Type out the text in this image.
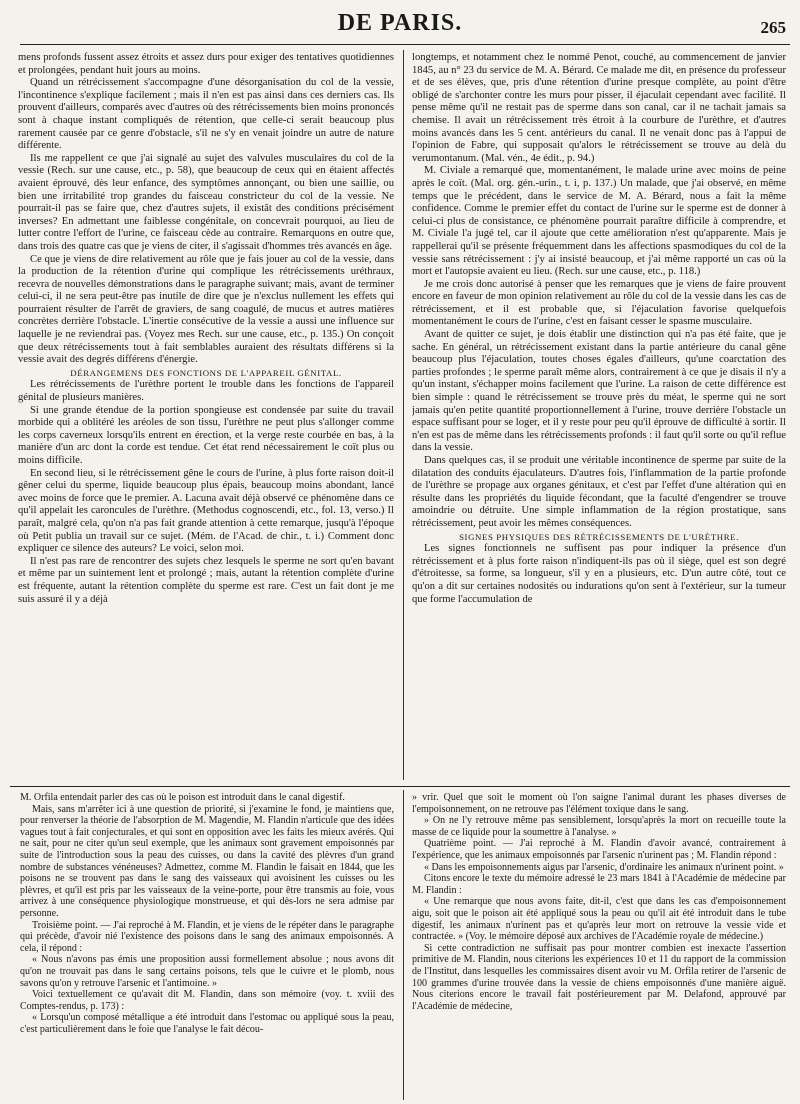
DE PARIS.	265

mens profonds fussent assez étroits et assez durs pour exiger des tentatives quotidiennes et prolongées, pendant huit jours au moins.

Quand un rétrécissement s'accompagne d'une désorganisation du col de la vessie, l'incontinence s'explique facilement ; mais il n'en est pas ainsi dans ces derniers cas. Ils prouvent d'ailleurs, comparés avec d'autres où des rétrécissements bien moins prononcés sont à chaque instant compliqués de rétention, que celle-ci serait beaucoup plus rarement causée par ce genre d'obstacle, s'il ne s'y en venait joindre un autre de nature différente.

Ils me rappellent ce que j'ai signalé au sujet des valvules musculaires du col de la vessie (Rech. sur une cause, etc., p. 58), que beaucoup de ceux qui en étaient affectés avaient éprouvé, dès leur enfance, des symptômes annonçant, ou bien une saillie, ou bien une irritabilité trop grandes du faisceau constricteur du col de la vessie. Ne pourrait-il pas se faire que, chez d'autres sujets, il existât des conditions précisément inverses? En admettant une faiblesse congénitale, on concevrait pourquoi, au lieu de lutter contre l'effort de l'urine, ce faisceau cède au contraire. Remarquons en outre que, dans trois des quatre cas que je viens de citer, il s'agissait d'hommes très avancés en âge.

Ce que je viens de dire relativement au rôle que je fais jouer au col de la vessie, dans la production de la rétention d'urine qui complique les rétrécissements uréthraux, recevra de nouvelles démonstrations dans le paragraphe suivant; mais, avant de terminer celui-ci, il ne sera peut-être pas inutile de dire que je n'exclus nullement les effets qui pourraient résulter de l'arrêt de graviers, de sang coagulé, de mucus et autres matières concrètes derrière l'obstacle. L'inertie consécutive de la vessie a aussi une influence sur laquelle je ne reviendrai pas. (Voyez mes Rech. sur une cause, etc., p. 135.) On conçoit que deux rétrécissements tout à fait semblables auraient des résultats différens si la vessie avait des degrés différens d'énergie.

DÉRANGEMENS DES FONCTIONS DE L'APPAREIL GÉNITAL.

Les rétrécissements de l'urèthre portent le trouble dans les fonctions de l'appareil génital de plusieurs manières.

Si une grande étendue de la portion spongieuse est condensée par suite du travail morbide qui a oblitéré les aréoles de son tissu, l'urèthre ne peut plus s'allonger comme les corps caverneux lorsqu'ils entrent en érection, et la verge reste courbée en bas, à la manière d'un arc dont la corde est tendue. Cet état rend nécessairement le coït plus ou moins difficile.

En second lieu, si le rétrécissement gêne le cours de l'urine, à plus forte raison doit-il gêner celui du sperme, liquide beaucoup plus épais, beaucoup moins abondant, lancé avec moins de force que le premier. A. Lacuna avait déjà observé ce phénomène dans ce qu'il appelait les caroncules de l'urèthre. (Methodus cognoscendi, etc., fol. 13, verso.) Il paraît, malgré cela, qu'on n'a pas fait grande attention à cette remarque, jusqu'à l'époque où Petit publia un travail sur ce sujet. (Mém. de l'Acad. de chir., t. i.) Comment donc expliquer ce silence des auteurs? Le voici, selon moi.

Il n'est pas rare de rencontrer des sujets chez lesquels le sperme ne sort qu'en bavant et même par un suintement lent et prolongé ; mais, autant la rétention complète d'urine est fréquente, autant la rétention complète du sperme est rare. C'est un fait dont je me suis assuré il y a déjà

longtemps, et notamment chez le nommé Penot, couché, au commencement de janvier 1845, au n° 23 du service de M. A. Bérard. Ce malade me dit, en présence du professeur et de ses élèves, que, pris d'une rétention d'urine presque complète, au point d'être obligé de s'archonter contre les murs pour pisser, il éjaculait cependant avec facilité. Il pense même qu'il ne restait pas de sperme dans son canal, car il ne tachait jamais sa chemise. Il avait un rétrécissement très étroit à la courbure de l'urèthre, et d'autres moins avancés dans les 5 cent. antérieurs du canal. Il ne venait donc pas à l'appui de l'opinion de Fabre, qui supposait qu'alors le rétrécissement se trouve au delà du verumontanum. (Mal. vén., 4e édit., p. 94.)

M. Civiale a remarqué que, momentanément, le malade urine avec moins de peine après le coït. (Mal. org. gén.-urin., t. i, p. 137.) Un malade, que j'ai observé, en même temps que le précédent, dans le service de M. A. Bérard, nous a fait la même confidence. Comme le premier effet du contact de l'urine sur le sperme est de donner à celui-ci plus de consistance, ce phénomène pourrait paraître difficile à comprendre, et M. Civiale l'a jugé tel, car il ajoute que cette amélioration n'est qu'apparente. Mais je rappellerai qu'il se présente fréquemment dans les affections spasmodiques du col de la vessie sans rétrécissement : j'y ai insisté beaucoup, et j'ai même rapporté un cas où la mort et l'autopsie avaient eu lieu. (Rech. sur une cause, etc., p. 118.)

Je me crois donc autorisé à penser que les remarques que je viens de faire prouvent encore en faveur de mon opinion relativement au rôle du col de la vessie dans les cas de rétrécissement, et il est probable que, si l'éjaculation favorise quelquefois momentanément le cours de l'urine, c'est en faisant cesser le spasme musculaire.

Avant de quitter ce sujet, je dois établir une distinction qui n'a pas été faite, que je sache. En général, un rétrécissement existant dans la partie antérieure du canal gêne beaucoup plus l'éjaculation, toutes choses égales d'ailleurs, qu'une coarctation des parties profondes ; le sperme paraît même alors, contrairement à ce que je disais il n'y a qu'un instant, s'échapper moins facilement que l'urine. La raison de cette différence est bien simple : quand le rétrécissement se trouve près du méat, le sperme qui ne sort jamais qu'en petite quantité proportionnellement à l'urine, trouve derrière l'obstacle un espace suffisant pour se loger, et il y reste pour peu qu'il éprouve de difficulté à sortir. Il n'en est pas de même dans les rétrécissements profonds : il faut qu'il sorte ou qu'il reflue dans la vessie.

Dans quelques cas, il se produit une véritable incontinence de sperme par suite de la dilatation des conduits éjaculateurs. D'autres fois, l'inflammation de la partie profonde de l'urèthre se propage aux organes génitaux, et c'est par l'effet d'une altération qui en résulte dans les propriétés du liquide fécondant, que la faculté d'engendrer se trouve amoindrie ou détruite. Une simple inflammation de la région prostatique, sans rétrécissement, peut avoir les mêmes conséquences.

SIGNES PHYSIQUES DES RÉTRÉCISSEMENTS DE L'URÈTHRE.

Les signes fonctionnels ne suffisent pas pour indiquer la présence d'un rétrécissement et à plus forte raison n'indiquent-ils pas où il siège, quel est son degré d'étroitesse, sa forme, sa longueur, s'il y en a plusieurs, etc. D'un autre côté, tout ce qu'on a dit sur certaines nodosités ou indurations qu'on sent à l'extérieur, sur la tumeur que forme l'accumulation de

M. Orfila entendait parler des cas où le poison est introduit dans le canal digestif.

Mais, sans m'arrêter ici à une question de priorité, si j'examine le fond, je maintiens que, pour renverser la théorie de l'absorption de M. Magendie, M. Flandin n'articule que des idées vagues tout à fait conjecturales, et qui sont en opposition avec les faits les mieux avérés. Qui ne sait, pour ne citer qu'un seul exemple, que les animaux sont gravement empoisonnés par suite de l'introduction sous la peau des cuisses, ou dans la cavité des plèvres d'un grand nombre de substances vénéneuses? Admettez, comme M. Flandin le faisait en 1844, que les poisons ne se trouvent pas dans le sang des vaisseaux qui avoisinent les cuisses ou les plèvres, et qu'il est pris par les vaisseaux de la veine-porte, pour être transmis au foie, vous arrivez à une conséquence physiologique monstrueuse, et qui dès-lors ne sera admise par personne.

Troisième point. — J'ai reproché à M. Flandin, et je viens de le répéter dans le paragraphe qui précède, d'avoir nié l'existence des poisons dans le sang des animaux empoisonnés. A cela, il répond :

« Nous n'avons pas émis une proposition aussi formellement absolue ; nous avons dit qu'on ne trouvait pas dans le sang certains poisons, tels que le cuivre et le plomb, nous savons qu'on y retrouve l'arsenic et l'antimoine. »

Voici textuellement ce qu'avait dit M. Flandin, dans son mémoire (voy. t. xviii des Comptes-rendus, p. 173) :

« Lorsqu'un composé métallique a été introduit dans l'estomac ou appliqué sous la peau, c'est particulièrement dans le foie que l'analyse le fait décou-

» vrir. Quel que soit le moment où l'on saigne l'animal durant les phases diverses de l'empoisonnement, on ne retrouve pas l'élément toxique dans le sang.

» On ne l'y retrouve même pas sensiblement, lorsqu'après la mort on recueille toute la masse de ce liquide pour la soumettre à l'analyse. »

Quatrième point. — J'ai reproché à M. Flandin d'avoir avancé, contrairement à l'expérience, que les animaux empoisonnés par l'arsenic n'urinent pas ; M. Flandin répond :

« Dans les empoisonnements aigus par l'arsenic, d'ordinaire les animaux n'urinent point. »

Citons encore le texte du mémoire adressé le 23 mars 1841 à l'Académie de médecine par M. Flandin :

« Une remarque que nous avons faite, dit-il, c'est que dans les cas d'empoisonnement aigu, soit que le poison ait été appliqué sous la peau ou qu'il ait été introduit dans le tube digestif, les animaux n'urinent pas et qu'après leur mort on retrouve la vessie vide et contractée. » (Voy. le mémoire déposé aux archives de l'Académie royale de médecine.)

Si cette contradiction ne suffisait pas pour montrer combien est inexacte l'assertion primitive de M. Flandin, nous citerions les expériences 10 et 11 du rapport de la commission de l'Institut, dans lesquelles les commissaires disent avoir vu M. Orfila retirer de l'arsenic de 100 grammes d'urine trouvée dans la vessie de chiens empoisonnés d'une manière aiguë. Nous citerions encore le travail fait postérieurement par M. Delafond, approuvé par l'Académie de médecine,
